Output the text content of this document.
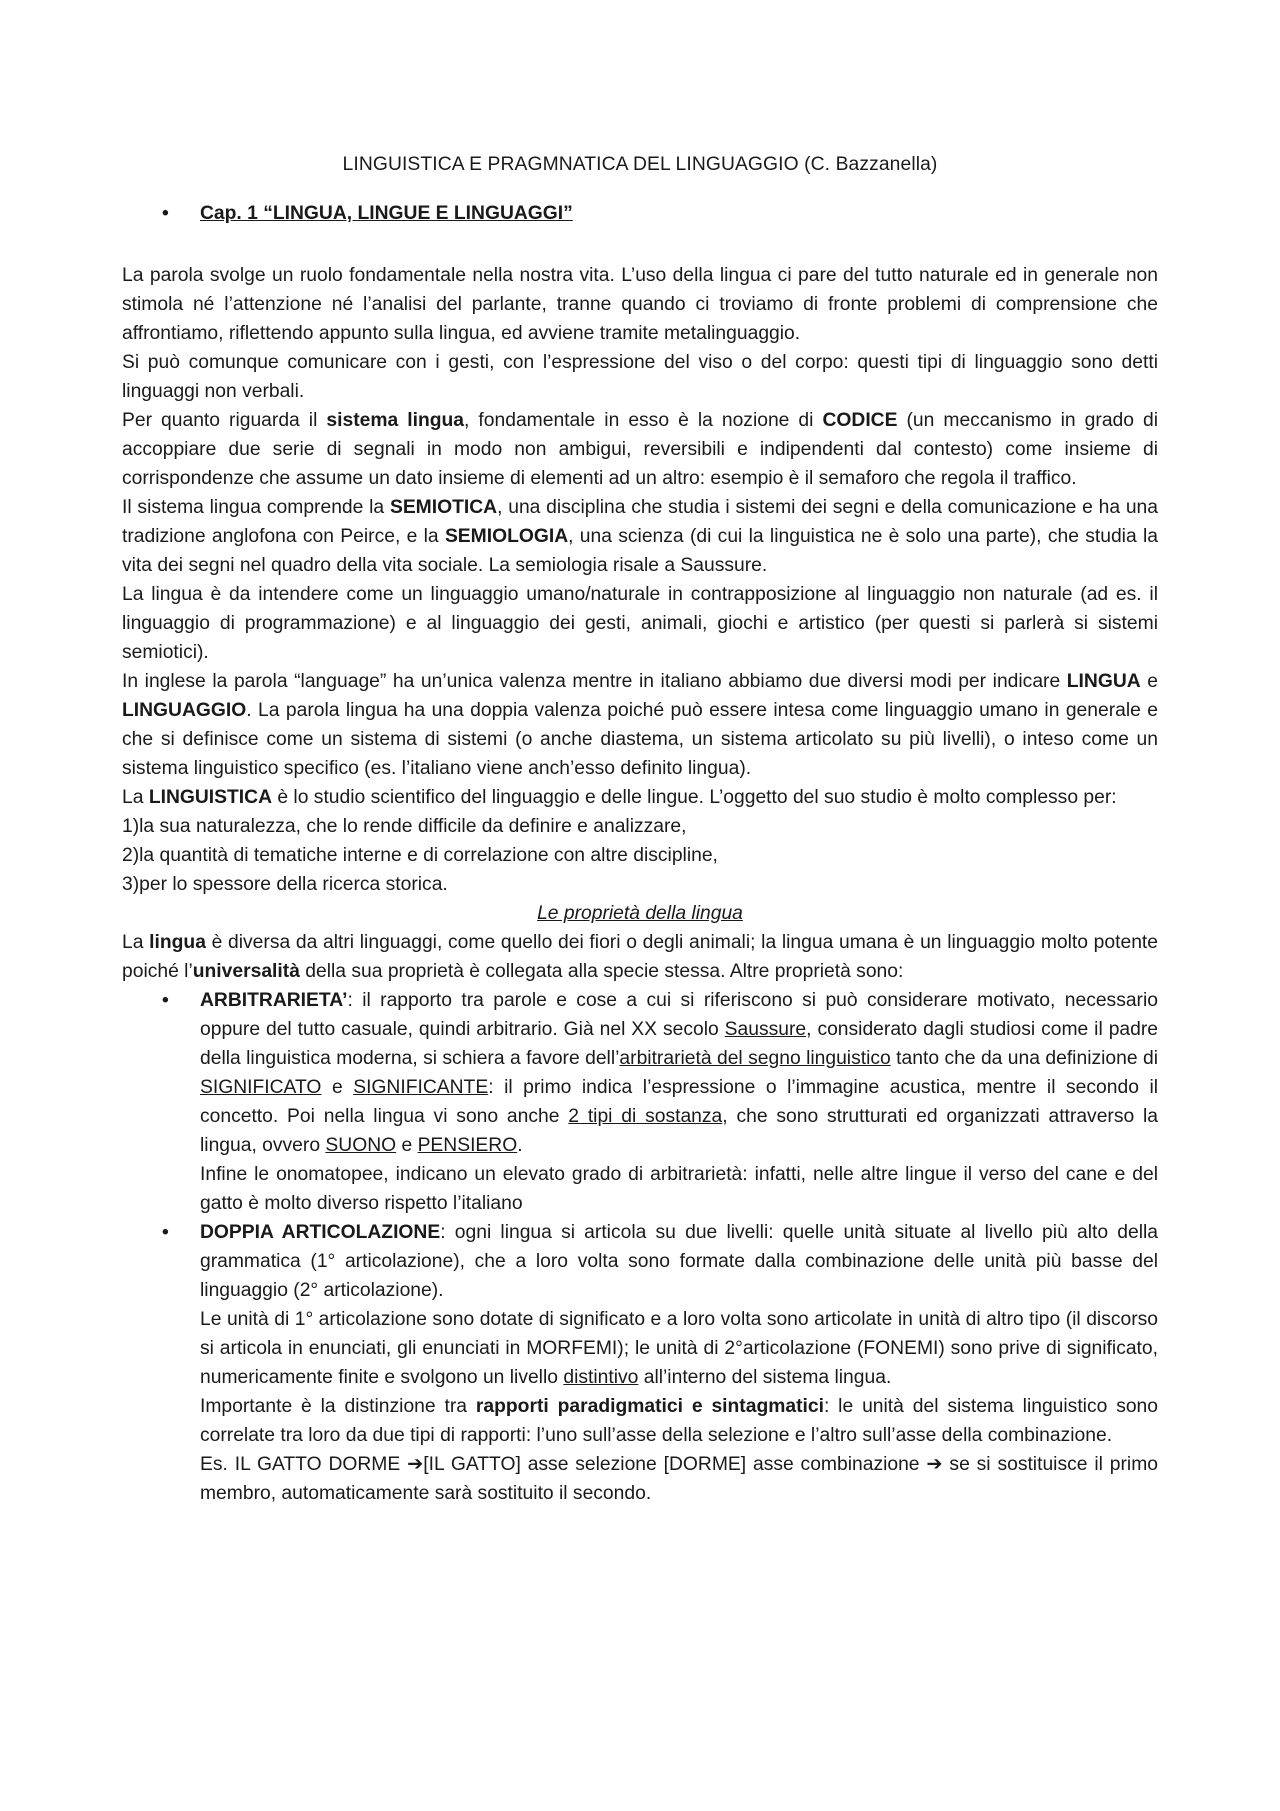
LINGUISTICA E PRAGMNATICA DEL LINGUAGGIO (C. Bazzanella)
• Cap. 1 “LINGUA, LINGUE E LINGUAGGI”

La parola svolge un ruolo fondamentale nella nostra vita. L’uso della lingua ci pare del tutto naturale ed in generale non stimola né l’attenzione né l’analisi del parlante, tranne quando ci troviamo di fronte problemi di comprensione che affrontiamo, riflettendo appunto sulla lingua, ed avviene tramite metalinguaggio.

Si può comunque comunicare con i gesti, con l’espressione del viso o del corpo: questi tipi di linguaggio sono detti linguaggi non verbali.

Per quanto riguarda il sistema lingua, fondamentale in esso è la nozione di CODICE (un meccanismo in grado di accoppiare due serie di segnali in modo non ambigui, reversibili e indipendenti dal contesto) come insieme di corrispondenze che assume un dato insieme di elementi ad un altro: esempio è il semaforo che regola il traffico.

Il sistema lingua comprende la SEMIOTICA, una disciplina che studia i sistemi dei segni e della comunicazione e ha una tradizione anglofona con Peirce, e la SEMIOLOGIA, una scienza (di cui la linguistica ne è solo una parte), che studia la vita dei segni nel quadro della vita sociale. La semiologia risale a Saussure.

La lingua è da intendere come un linguaggio umano/naturale in contrapposizione al linguaggio non naturale (ad es. il linguaggio di programmazione) e al linguaggio dei gesti, animali, giochi e artistico (per questi si parlerà si sistemi semiotici).

In inglese la parola “language” ha un’unica valenza mentre in italiano abbiamo due diversi modi per indicare LINGUA e LINGUAGGIO. La parola lingua ha una doppia valenza poiché può essere intesa come linguaggio umano in generale e che si definisce come un sistema di sistemi (o anche diastema, un sistema articolato su più livelli), o inteso come un sistema linguistico specifico (es. l’italiano viene anch’esso definito lingua).

La LINGUISTICA è lo studio scientifico del linguaggio e delle lingue. L’oggetto del suo studio è molto complesso per:

1)la sua naturalezza, che lo rende difficile da definire e analizzare,

2)la quantità di tematiche interne e di correlazione con altre discipline,

3)per lo spessore della ricerca storica.

Le proprietà della lingua

La lingua è diversa da altri linguaggi, come quello dei fiori o degli animali; la lingua umana è un linguaggio molto potente poiché l’universalità della sua proprietà è collegata alla specie stessa. Altre proprietà sono:

• ARBITRARIETA’: il rapporto tra parole e cose a cui si riferiscono si può considerare motivato, necessario oppure del tutto casuale, quindi arbitrario. Già nel XX secolo Saussure, considerato dagli studiosi come il padre della linguistica moderna, si schiera a favore dell’arbitrarietà del segno linguistico tanto che da una definizione di SIGNIFICATO e SIGNIFICANTE: il primo indica l’espressione o l’immagine acustica, mentre il secondo il concetto. Poi nella lingua vi sono anche 2 tipi di sostanza, che sono strutturati ed organizzati attraverso la lingua, ovvero SUONO e PENSIERO.

Infine le onomatopee, indicano un elevato grado di arbitrarietà: infatti, nelle altre lingue il verso del cane e del gatto è molto diverso rispetto l’italiano

• DOPPIA ARTICOLAZIONE: ogni lingua si articola su due livelli: quelle unità situate al livello più alto della grammatica (1° articolazione), che a loro volta sono formate dalla combinazione delle unità più basse del linguaggio (2° articolazione).

Le unità di 1° articolazione sono dotate di significato e a loro volta sono articolate in unità di altro tipo (il discorso si articola in enunciati, gli enunciati in MORFEMI); le unità di 2°articolazione (FONEMI) sono prive di significato, numericamente finite e svolgono un livello distintivo all’interno del sistema lingua.

Importante è la distinzione tra rapporti paradigmatici e sintagmatici: le unità del sistema linguistico sono correlate tra loro da due tipi di rapporti: l’uno sull’asse della selezione e l’altro sull’asse della combinazione.

Es. IL GATTO DORME ➔[IL GATTO] asse selezione [DORME] asse combinazione ➔ se si sostituisce il primo membro, automaticamente sarà sostituito il secondo.
